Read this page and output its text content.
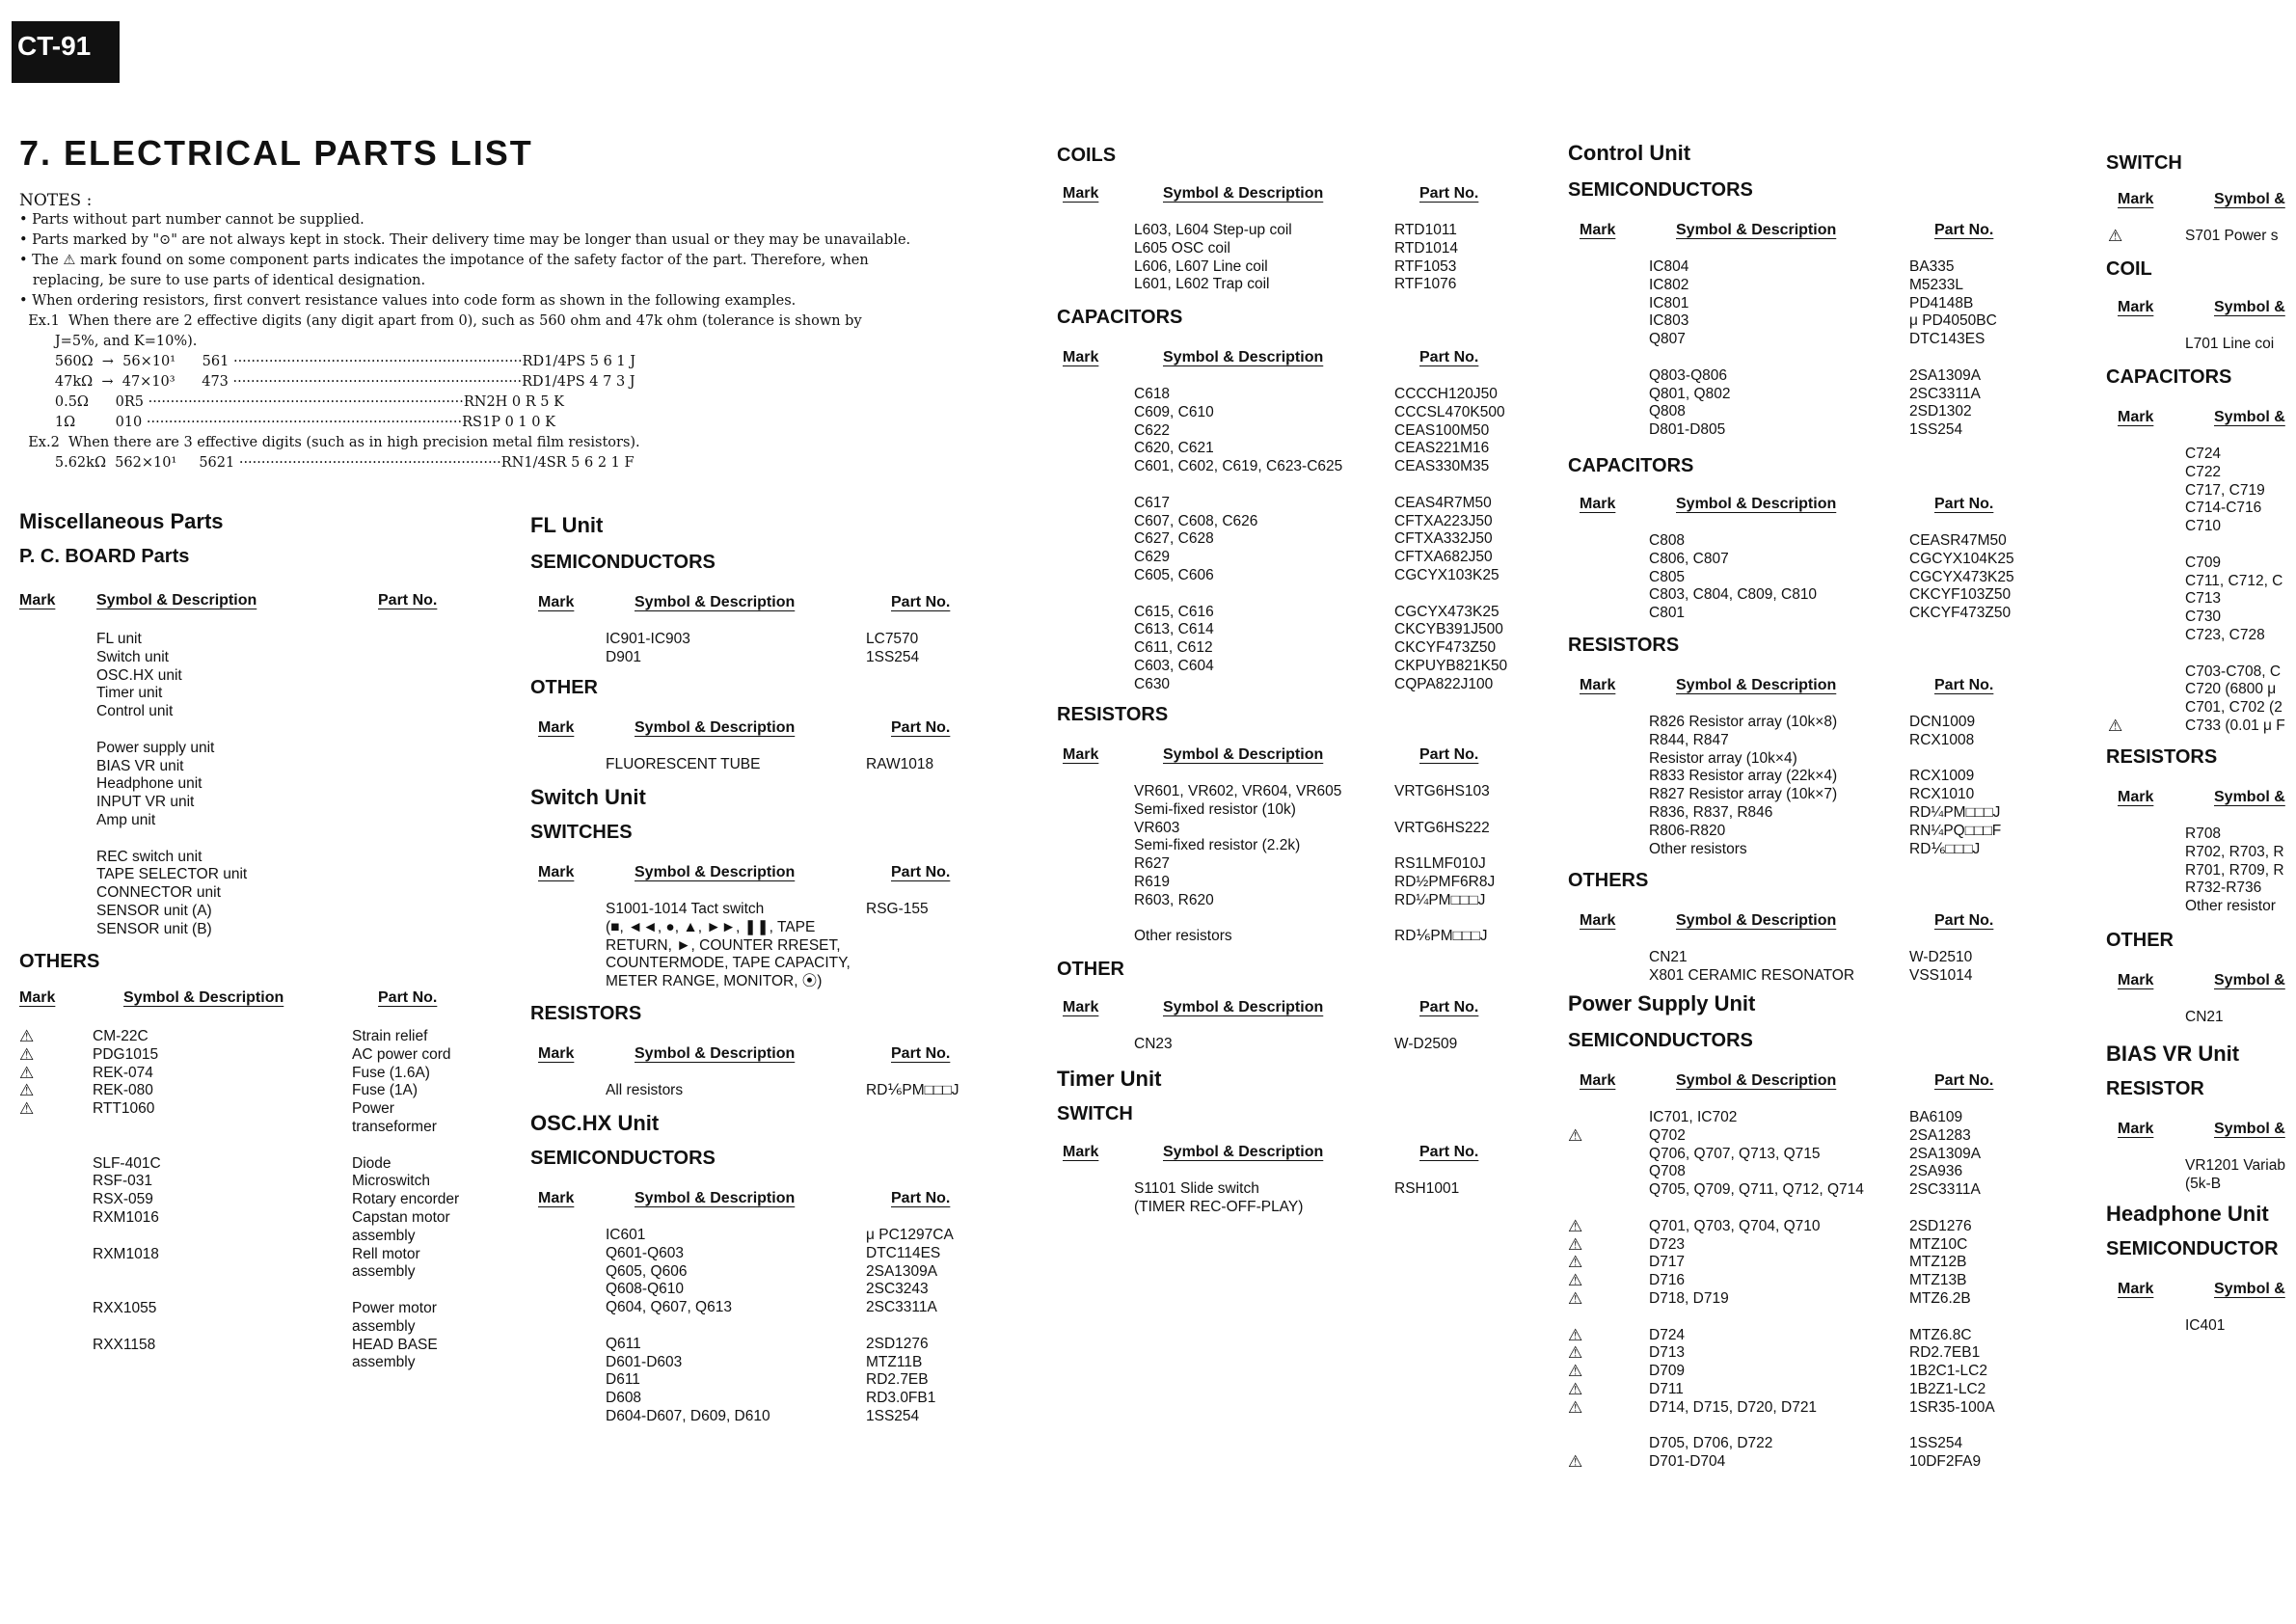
CT-91
7. ELECTRICAL PARTS LIST
NOTES :
• Parts without part number cannot be supplied.
• Parts marked by "⊙" are not always kept in stock. Their delivery time may be longer than usual or they may be unavailable.
• The ⚠ mark found on some component parts indicates the impotance of the safety factor of the part. Therefore, when
replacing, be sure to use parts of identical designation.
• When ordering resistors, first convert resistance values into code form as shown in the following examples.
Ex.1  When there are 2 effective digits (any digit apart from 0), such as 560 ohm and 47k ohm (tolerance is shown by
J=5%, and K=10%).
560Ω  →  56×10¹      561 ·································································RD1/4PS 5 6 1 J
47kΩ  →  47×10³      473 ·································································RD1/4PS 4 7 3 J
0.5Ω      0R5 ·······································································RN2H 0 R 5 K
1Ω         010 ·······································································RS1P 0 1 0 K
Ex.2  When there are 3 effective digits (such as in high precision metal film resistors).
5.62kΩ  562×10¹     5621 ···························································RN1/4SR 5 6 2 1 F
Miscellaneous Parts
P. C. BOARD Parts
Mark	Symbol & Description	Part No.
FL unit
Switch unit
OSC.HX unit
Timer unit
Control unit
Power supply unit
BIAS VR unit
Headphone unit
INPUT VR unit
Amp unit
REC switch unit
TAPE SELECTOR unit
CONNECTOR unit
SENSOR unit (A)
SENSOR unit (B)
OTHERS
Mark	Symbol & Description	Part No.
⚠	CM-22C	Strain relief
⚠	PDG1015	AC power cord
⚠	REK-074	Fuse (1.6A)
⚠	REK-080	Fuse (1A)
⚠	RTT1060	Power
transeformer
SLF-401C	Diode
RSF-031	Microswitch
RSX-059	Rotary encorder
RXM1016	Capstan motor
assembly
RXM1018	Rell motor
assembly
RXX1055	Power motor
assembly
RXX1158	HEAD BASE
assembly
FL Unit
SEMICONDUCTORS
Mark	Symbol & Description	Part No.
IC901-IC903	LC7570
D901	1SS254
OTHER
Mark	Symbol & Description	Part No.
FLUORESCENT TUBE	RAW1018
Switch Unit
SWITCHES
Mark	Symbol & Description	Part No.
S1001-1014 Tact switch	RSG-155
(■, ◄◄, ●, ▲, ►►, ❚❚, TAPE
RETURN, ►, COUNTER RRESET,
COUNTERMODE, TAPE CAPACITY,
METER RANGE, MONITOR, ⦿)
RESISTORS
Mark	Symbol & Description	Part No.
All resistors	RD⅙PM□□□J
OSC.HX Unit
SEMICONDUCTORS
Mark	Symbol & Description	Part No.
IC601	μ PC1297CA
Q601-Q603	DTC114ES
Q605, Q606	2SA1309A
Q608-Q610	2SC3243
Q604, Q607, Q613	2SC3311A
Q611	2SD1276
D601-D603	MTZ11B
D611	RD2.7EB
D608	RD3.0FB1
D604-D607, D609, D610	1SS254
COILS
Mark	Symbol & Description	Part No.
L603, L604 Step-up coil	RTD1011
L605 OSC coil	RTD1014
L606, L607 Line coil	RTF1053
L601, L602 Trap coil	RTF1076
CAPACITORS
Mark	Symbol & Description	Part No.
C618	CCCCH120J50
C609, C610	CCCSL470K500
C622	CEAS100M50
C620, C621	CEAS221M16
C601, C602, C619, C623-C625	CEAS330M35
C617	CEAS4R7M50
C607, C608, C626	CFTXA223J50
C627, C628	CFTXA332J50
C629	CFTXA682J50
C605, C606	CGCYX103K25
C615, C616	CGCYX473K25
C613, C614	CKCYB391J500
C611, C612	CKCYF473Z50
C603, C604	CKPUYB821K50
C630	CQPA822J100
RESISTORS
Mark	Symbol & Description	Part No.
VR601, VR602, VR604, VR605	VRTG6HS103
Semi-fixed resistor (10k)
VR603	VRTG6HS222
Semi-fixed resistor (2.2k)
R627	RS1LMF010J
R619	RD½PMF6R8J
R603, R620	RD¼PM□□□J
Other resistors	RD⅙PM□□□J
OTHER
Mark	Symbol & Description	Part No.
CN23	W-D2509
Timer Unit
SWITCH
Mark	Symbol & Description	Part No.
S1101 Slide switch	RSH1001
(TIMER REC-OFF-PLAY)
Control Unit
SEMICONDUCTORS
Mark	Symbol & Description	Part No.
IC804	BA335
IC802	M5233L
IC801	PD4148B
IC803	μ PD4050BC
Q807	DTC143ES
Q803-Q806	2SA1309A
Q801, Q802	2SC3311A
Q808	2SD1302
D801-D805	1SS254
CAPACITORS
Mark	Symbol & Description	Part No.
C808	CEASR47M50
C806, C807	CGCYX104K25
C805	CGCYX473K25
C803, C804, C809, C810	CKCYF103Z50
C801	CKCYF473Z50
RESISTORS
Mark	Symbol & Description	Part No.
R826 Resistor array (10k×8)	DCN1009
R844, R847	RCX1008
Resistor array (10k×4)
R833 Resistor array (22k×4)	RCX1009
R827 Resistor array (10k×7)	RCX1010
R836, R837, R846	RD¼PM□□□J
R806-R820	RN¼PQ□□□F
Other resistors	RD⅙□□□J
OTHERS
Mark	Symbol & Description	Part No.
CN21	W-D2510
X801 CERAMIC RESONATOR	VSS1014
Power Supply Unit
SEMICONDUCTORS
Mark	Symbol & Description	Part No.
IC701, IC702	BA6109
⚠	Q702	2SA1283
Q706, Q707, Q713, Q715	2SA1309A
Q708	2SA936
Q705, Q709, Q711, Q712, Q714	2SC3311A
⚠	Q701, Q703, Q704, Q710	2SD1276
⚠	D723	MTZ10C
⚠	D717	MTZ12B
⚠	D716	MTZ13B
⚠	D718, D719	MTZ6.2B
⚠	D724	MTZ6.8C
⚠	D713	RD2.7EB1
⚠	D709	1B2C1-LC2
⚠	D711	1B2Z1-LC2
⚠	D714, D715, D720, D721	1SR35-100A
D705, D706, D722	1SS254
⚠	D701-D704	10DF2FA9
SWITCH
Mark	Symbol &
⚠	S701 Power s
COIL
Mark	Symbol &
L701 Line coi
CAPACITORS
Mark	Symbol &
C724
C722
C717, C719
C714-C716
C710
C709
C711, C712, C
C713
C730
C723, C728
C703-C708, C
C720 (6800 μ
C701, C702 (2
⚠	C733 (0.01 μ F
RESISTORS
Mark	Symbol &
R708
R702, R703, R
R701, R709, R
R732-R736
Other resistor
OTHER
Mark	Symbol &
CN21
BIAS VR Unit
RESISTOR
Mark	Symbol &
VR1201 Variab
(5k-B
Headphone Unit
SEMICONDUCTOR
Mark	Symbol &
IC401
